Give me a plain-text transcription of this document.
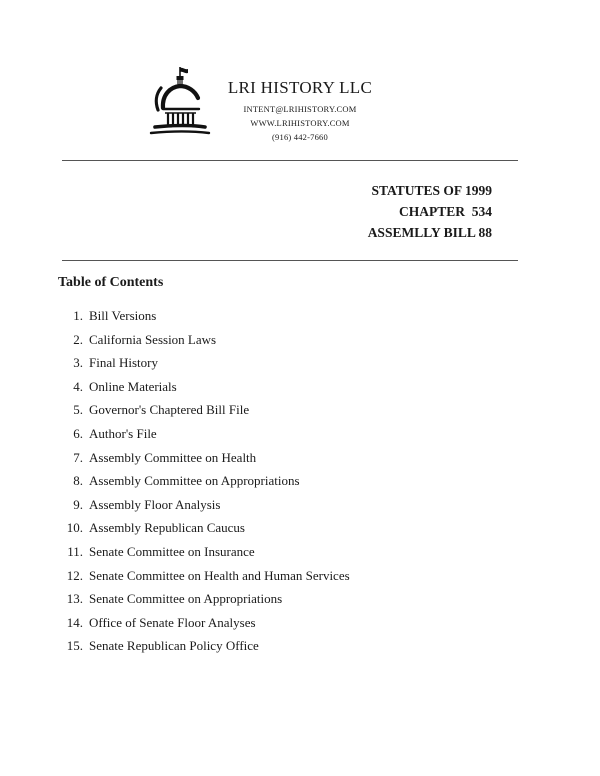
LRI HISTORY LLC
INTENT@LRIHISTORY.COM
WWW.LRIHISTORY.COM
(916) 442-7660
STATUTES OF 1999
CHAPTER  534
ASSEMLLY BILL 88
Table of Contents
1. Bill Versions
2. California Session Laws
3. Final History
4. Online Materials
5. Governor's Chaptered Bill File
6. Author's File
7. Assembly Committee on Health
8. Assembly Committee on Appropriations
9. Assembly Floor Analysis
10. Assembly Republican Caucus
11. Senate Committee on Insurance
12. Senate Committee on Health and Human Services
13. Senate Committee on Appropriations
14. Office of Senate Floor Analyses
15. Senate Republican Policy Office
